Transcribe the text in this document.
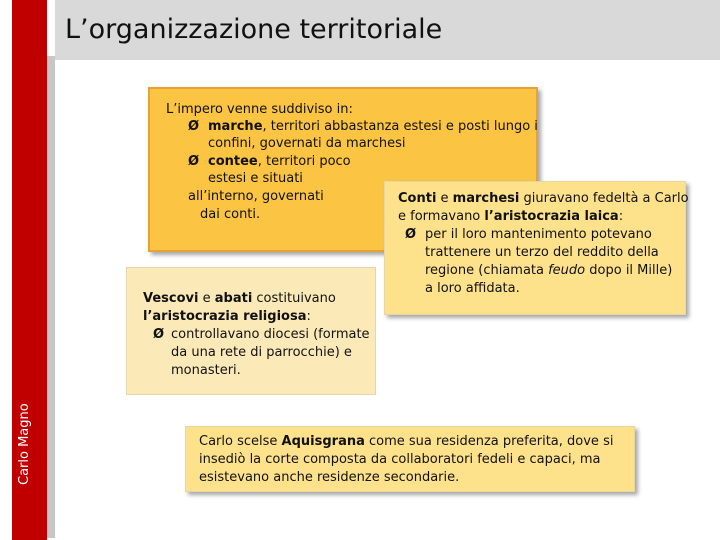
L’organizzazione territoriale
Carlo Magno
L’impero venne suddiviso in:
Ø marche, territori abbastanza estesi e posti lungo i
confini, governati da marchesi
Ø contee, territori poco
estesi e situati
all’interno, governati
dai conti.
Vescovi e abati costituivano
l’aristocrazia religiosa:
Ø controllavano diocesi (formate
da una rete di parrocchie) e
monasteri.
Conti e marchesi giuravano fedeltà a Carlo
e formavano l’aristocrazia laica:
Ø per il loro mantenimento potevano
trattenere un terzo del reddito della
regione (chiamata feudo dopo il Mille)
a loro affidata.
Carlo scelse Aquisgrana come sua residenza preferita, dove si
insediò la corte composta da collaboratori fedeli e capaci, ma
esistevano anche residenze secondarie.
